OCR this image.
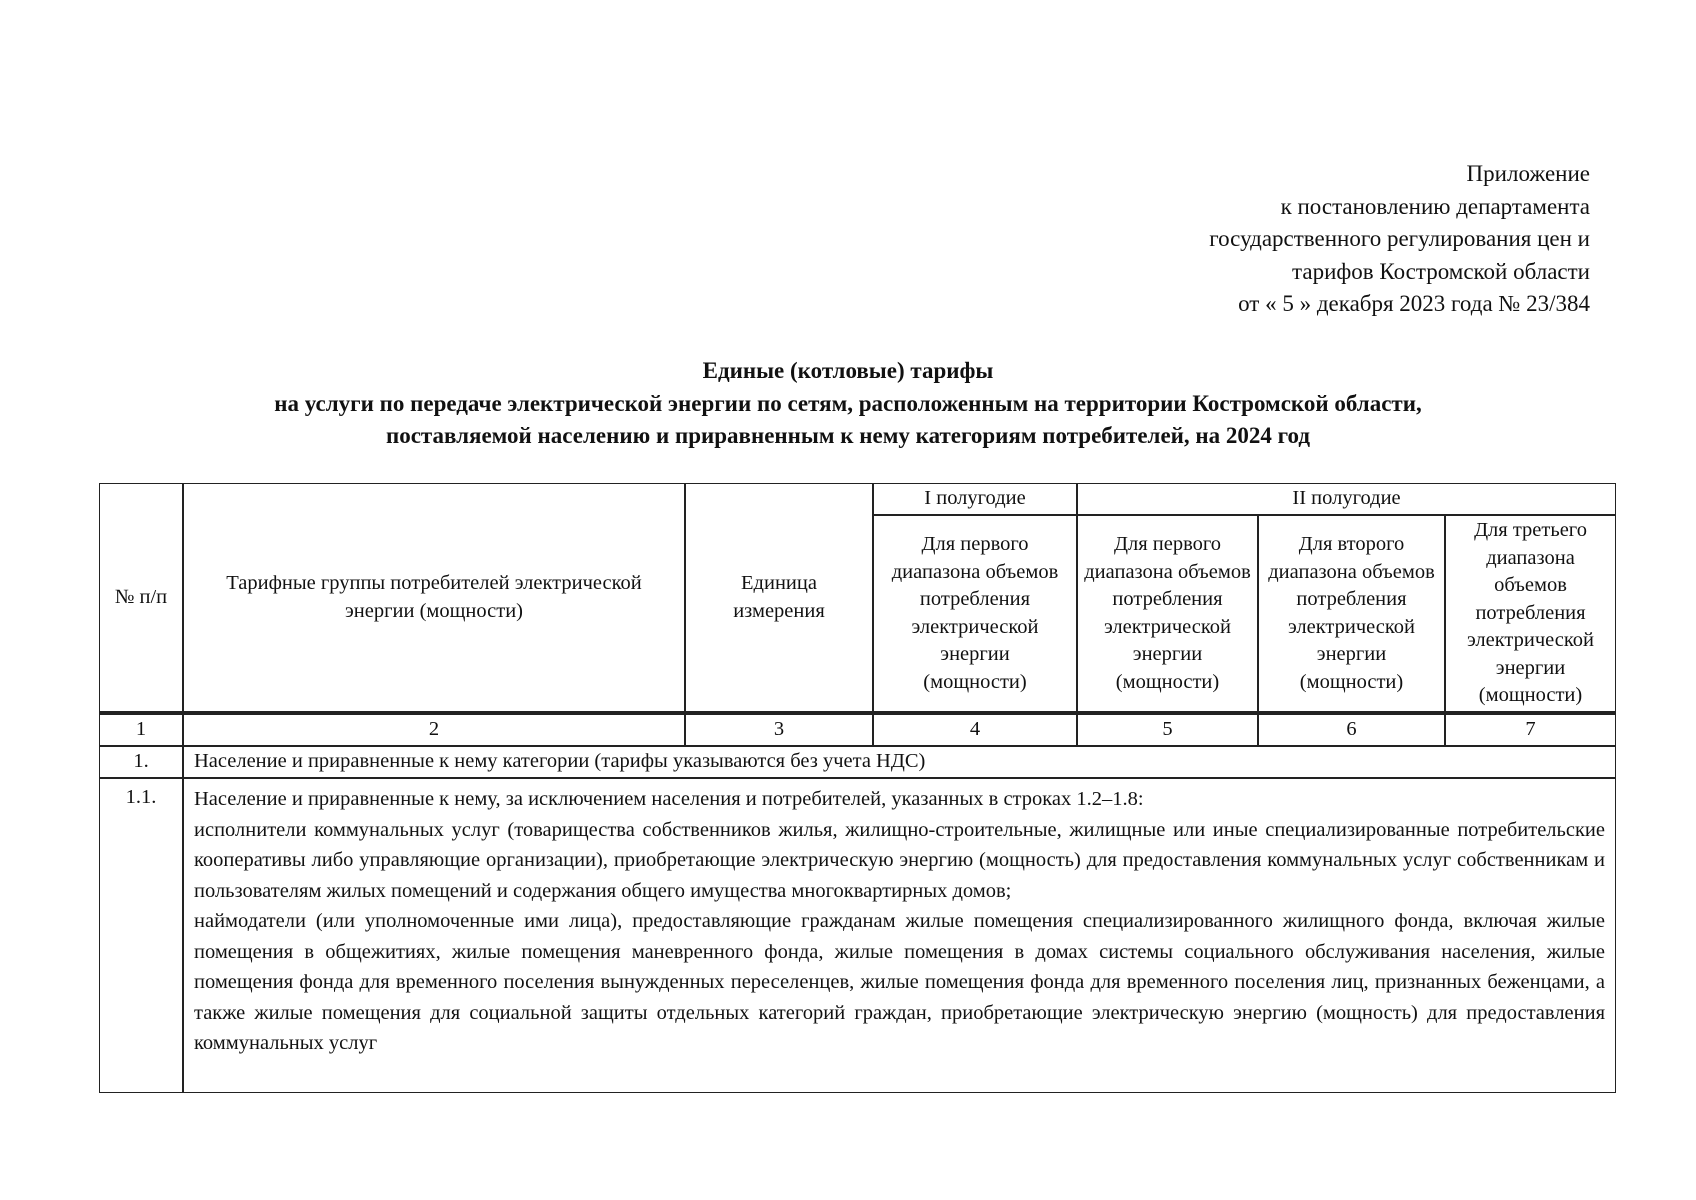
Приложение
к постановлению департамента
государственного регулирования цен и
тарифов Костромской области
от « 5 » декабря 2023 года № 23/384
Единые (котловые) тарифы
на услуги по передаче электрической энергии по сетям, расположенным на территории Костромской области,
поставляемой населению и приравненным к нему категориям потребителей, на 2024 год
№ п/п	Тарифные группы потребителей электрической энергии (мощности)	Единица измерения	I полугодие	II полугодие		
			Для первого диапазона объемов потребления электрической энергии (мощности)	Для первого диапазона объемов потребления электрической энергии (мощности)	Для второго диапазона объемов потребления электрической энергии (мощности)	Для третьего диапазона объемов потребления электрической энергии (мощности)
1	2	3	4	5	6	7
1.	Население и приравненные к нему категории (тарифы указываются без учета НДС)					
1.1.	Население и приравненные к нему, за исключением населения и потребителей, указанных в строках 1.2–1.8:

исполнители коммунальных услуг (товарищества собственников жилья, жилищно-строительные, жилищные или иные специализированные потребительские кооперативы либо управляющие организации), приобретающие электрическую энергию (мощность) для предоставления коммунальных услуг собственникам и пользователям жилых помещений и содержания общего имущества многоквартирных домов;

наймодатели (или уполномоченные ими лица), предоставляющие гражданам жилые помещения специализированного жилищного фонда, включая жилые помещения в общежитиях, жилые помещения маневренного фонда, жилые помещения в домах системы социального обслуживания населения, жилые помещения фонда для временного поселения вынужденных переселенцев, жилые помещения фонда для временного поселения лиц, признанных беженцами, а также жилые помещения для социальной защиты отдельных категорий граждан, приобретающие электрическую энергию (мощность) для предоставления коммунальных услуг					
